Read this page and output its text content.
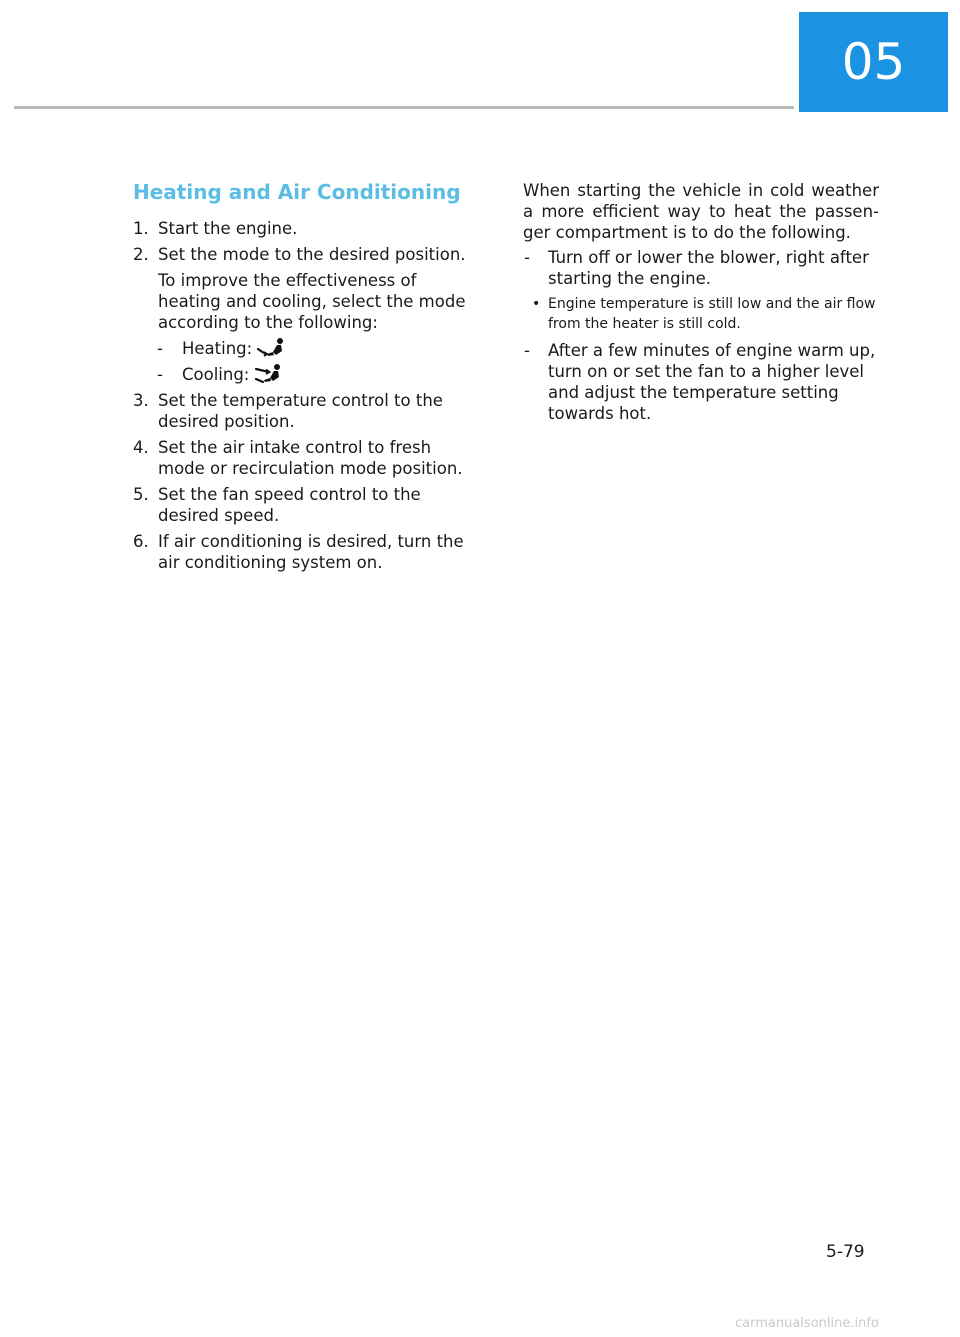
05
Heating and Air Conditioning
1. Start the engine.
2. Set the mode to the desired position.

To improve the effectiveness of heating and cooling, select the mode according to the following:

- Heating:
- Cooling:
3. Set the temperature control to the desired position.
4. Set the air intake control to fresh mode or recirculation mode position.
5. Set the fan speed control to the desired speed.
6. If air conditioning is desired, turn the air conditioning system on.

When starting the vehicle in cold weather a more efficient way to heat the passen-ger compartment is to do the following.

- Turn off or lower the blower, right after starting the engine.
• Engine temperature is still low and the air flow from the heater is still cold.
- After a few minutes of engine warm up, turn on or set the fan to a higher level and adjust the temperature setting towards hot.
5-79
carmanualsonline.info
